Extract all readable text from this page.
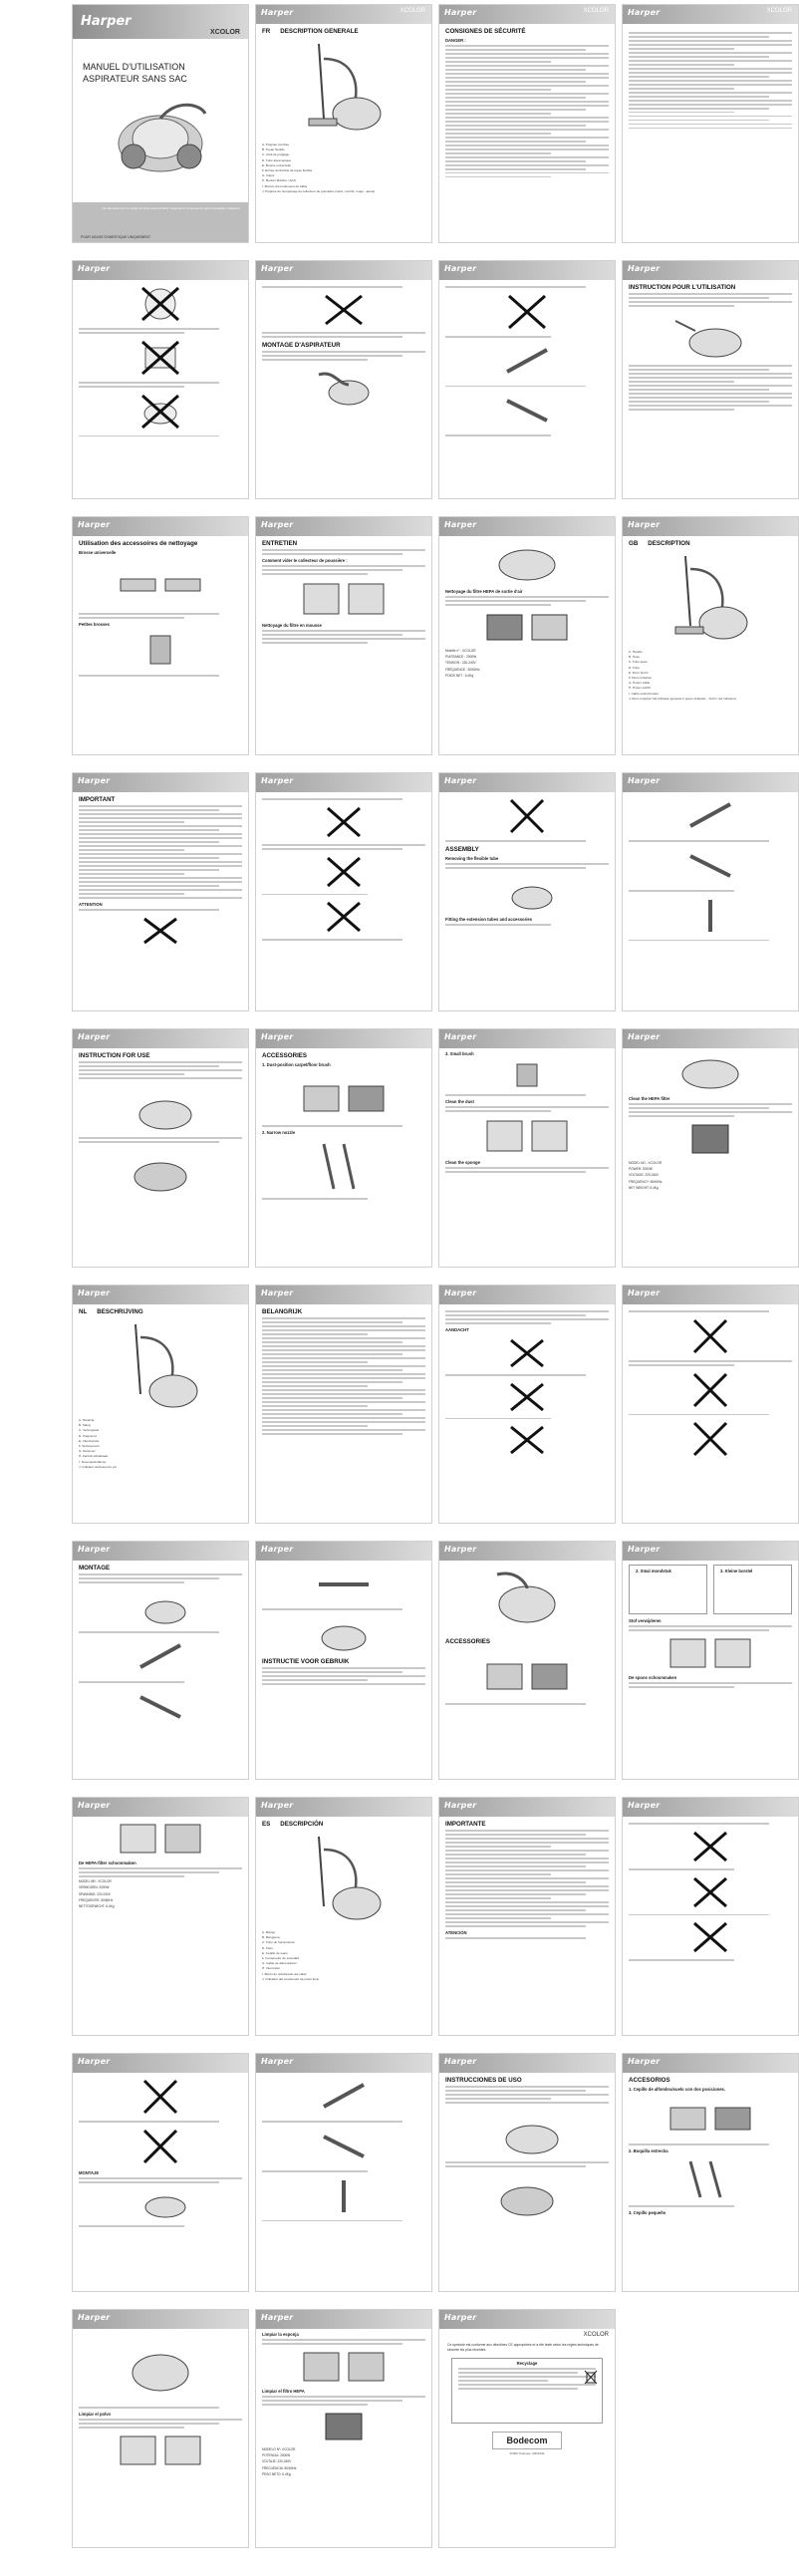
Harper
XCOLOR
MANUEL D'UTILISATION
ASPIRATEUR SANS SAC
Lire attentivement ce mode d'emploi avant d'utiliser l'appareil et conservez-le pour consultation ultérieure
POUR USAGE DOMESTIQUE UNIQUEMENT
Harper	XCOLOR
FR DESCRIPTION GENERALE
A. Poignée courbée
B. Tuyau flexible
C. Outil de jonglage
D. Tube télescopique
E. Brosse universelle
F. Entrée du flexible de tuyau flexible
G. Capot
H. Bouton Marche / Arrêt
I. Bouton d'enroulement du câble
J. Poignée de récupérage du collecteur de poussière (carré, contrôl, rouge - jaune)
Harper	XCOLOR
CONSIGNES DE SÉCURITÉ
DANGER :
Harper	XCOLOR
Harper	Harper
MONTAGE D'ASPIRATEUR
Harper	Harper
INSTRUCTION POUR L'UTILISATION
Harper
Utilisation des accessoires de nettoyage
Brosse universelle
Petites brosses
Harper
ENTRETIEN
Comment vider le collecteur de poussière :
Nettoyage du filtre en mousse
Harper
Nettoyage du filtre HEPA de sortie d'air
Modèle n° : XCOLOR
PUISSANCE : 2000W
TENSION : 220-240V
FRÉQUENCE : 50/60Hz
POIDS NET : 6.4Kg
Harper
GB DESCRIPTION
A. Handle
B. Hose
C. Tube lower
D. Tube
E. Floor brush
F. Dust container
G. Power cable
H. Power switch
I. Cable rewind button
J. Dust container full indicator (general in green indicator... Full in red indicator)
Harper
IMPORTANT
ATTENTION
Harper	Harper
ASSEMBLY
Removing the flexible tube
Fitting the extension tubes and accessories
Harper
Harper
INSTRUCTION FOR USE
Harper
ACCESSORIES
1. Dust-position carpet/floor brush
2. Narrow nozzle
Harper
3. Small brush
Clean the dust
Clean the sponge
Harper
Clean the HEPA filter
MODEL NO.: XCOLOR
POWER: 2000W
VOLTAGE: 220-240V
FREQUENCY: 50/60Hz
NET WEIGHT: 6.4Kg
Harper
NL BESCHRIJVING
A. Handvat
B. Slang
C. Verlengstuk
D. Zuigmond
E. Vloerborstel
F. Stofreservoir
G. Netsnoer
H. Aan/uit-schakelaar
I. Snoeropwindknop
J. Indicator stofreservoir vol
Harper
BELANGRIJK
Harper
AANDACHT
Harper
Harper
MONTAGE
Harper
INSTRUCTIE VOOR GEBRUIK
Harper
ACCESSORIES
Harper
2. Smal mondstuk	3. Kleine borstel
Stof verwijderen
De spons schoonmaken
Harper
De HEPA-filter schoonmaken
MODEL NR.: XCOLOR
VERMOGEN: 2000W
SPANNING: 220-240V
FREQUENTIE: 50/60Hz
NETTOGEWICHT: 6.4Kg
Harper
ES DESCRIPCIÓN
A. Mango
B. Manguera
C. Tubo de herramienta
D. Tubo
E. Cepillo de suelo
F. Contenedor de suciedad
G. Cable de alimentación
H. Interruptor
I. Botón de rebobinado del cable
J. Indicador del contenedor de polvo lleno
Harper
IMPORTANTE
ATENCIÓN
Harper
Harper
MONTAJE
Harper	Harper
INSTRUCCIONES DE USO
Harper
ACCESORIOS
1. Cepillo de alfombra/suelo con dos posiciones.
2. Boquilla estrecha
3. Cepillo pequeño
Harper
Limpiar el polvo
Harper
Limpiar la esponja
Limpiar el filtro HEPA
MODELO Nº: XCOLOR
POTENCIA: 2000W
VOLTAJE: 220-240V
FRECUENCIA: 50/60Hz
PESO NETO: 6.4Kg
Harper
XCOLOR
Ce symbole est conforme aux directives CE appropriées et a été testé selon les règles techniques de sécurité les plus récentes.
Recyclage
Bodecom
31000 Toulouse, FRANCE
